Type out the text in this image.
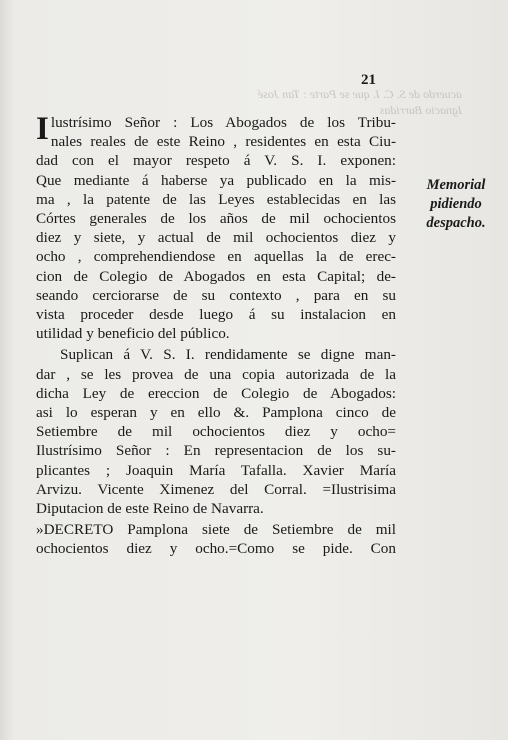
acuerdo de S. C. I. que se Parte : Tan José
Ignacio Burridas
21
I lustrísimo Señor : Los Abogados de los Tribu-
nales reales de este Reino , residentes en esta Ciu-
dad con el mayor respeto á V. S. I. exponen:
Que mediante á haberse ya publicado en la mis-
ma , la patente de las Leyes establecidas en las
Córtes generales de los años de mil ochocientos
diez y siete, y actual de mil ochocientos diez y
ocho , comprehendiendose en aquellas la de erec-
cion de Colegio de Abogados en esta Capital; de-
seando cerciorarse de su contexto , para en su
vista proceder desde luego á su instalacion en
utilidad y beneficio del público.
Suplican á V. S. I. rendidamente se digne man-
dar , se les provea de una copia autorizada de la
dicha Ley de ereccion de Colegio de Abogados:
asi lo esperan y en ello &. Pamplona cinco de
Setiembre de mil ochocientos diez y ocho=
Ilustrísimo Señor : En representacion de los su-
plicantes ; Joaquin María Tafalla. Xavier María
Arvizu. Vicente Ximenez del Corral. =Ilustrisima
Diputacion de este Reino de Navarra.
»DECRETO Pamplona siete de Setiembre de mil
ochocientos diez y ocho.=Como se pide. Con
Memorial
pidiendo
despacho.
